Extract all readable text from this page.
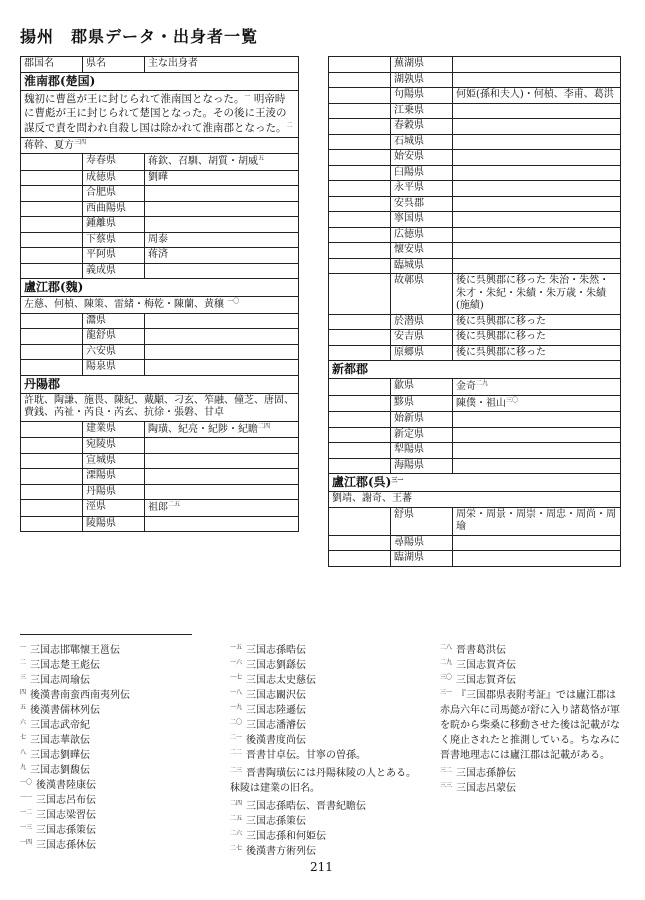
揚州　郡県データ・出身者一覧
郡国名	県名	主な出身者
淮南郡(楚国)		
魏初に曹邕が王に封じられて淮南国となった。$^一$ 明帝時に曹彪が王に封じられて楚国となった。その後に王淩の謀反で責を問われ自殺し国は除かれて淮南郡となった。$^二$
蒋幹、夏方$^{三四}$
	寿春県	蒋欽、召馴、胡質・胡威$^五$
	成徳県	劉曄
	合肥県	
	西曲陽県	
	鍾離県	
	下蔡県	周泰
	平阿県	蒋済
	義成県	
盧江郡(魏)		
左慈、何楨、陳策、雷緒・梅乾・陳蘭、黄穰 $^{一〇}$
	灊県	
	龍舒県	
	六安県	
	陽泉県	
丹陽郡		
許耽、陶謙、施畏、陳紀、戴顒、刁玄、笮融、僮芝、唐固、費銭、芮祉・芮良・芮玄、抗徐・張磐、甘卓		
	建業県	陶璜、紀亮・紀陟・紀瞻$^{二四}$
	宛陵県	
	宣城県	
	溧陽県	
	丹陽県	
	涇県	祖郎$^{二五}$
	陵陽県	
	蕪湖県	
	湖孰県	
	句陽県	何姫(孫和夫人)・何楨、李甫、葛洪
	江乗県	
	春穀県	
	石城県	
	始安県	
	臼陽県	
	永平県	
	安呉郡	
	寧国県	
	広徳県	
	懐安県	
	臨城県	
	故鄣県	後に呉興郡に移った 朱治・朱然・朱才・朱紀・朱績・朱万歳・朱績(施績)
	於潜県	後に呉興郡に移った
	安吉県	後に呉興郡に移った
	原郷県	後に呉興郡に移った
新都郡		
	歙県	金奇$^{二九}$
	黟県	陳僕・祖山$^{三〇}$
	始新県	
	新定県	
	犁陽県	
	海陽県	
盧江郡(呉)$^{三一}$
劉靖、謝奇、王蕃		
	舒県	周栄・周景・周崇・周忠・周尚・周瑜
	尋陽県	
	臨湖県	
$^一$ 三国志邯鄲懐王邕伝
$^二$ 三国志楚王彪伝
$^三$ 三国志周瑜伝
$^四$ 後漢書南蛮西南夷列伝
$^五$ 後漢書儒林列伝
$^六$ 三国志武帝紀
$^七$ 三国志華歆伝
$^八$ 三国志劉曄伝
$^九$ 三国志劉馥伝
$^{一〇}$ 後漢書陸康伝
$^{一一}$ 三国志呂布伝
$^{一二}$ 三国志梁習伝
$^{一三}$ 三国志孫策伝
$^{一四}$ 三国志孫休伝
$^{一五}$ 三国志孫晧伝
$^{一六}$ 三国志劉繇伝
$^{一七}$ 三国志太史慈伝
$^{一八}$ 三国志闞沢伝
$^{一九}$ 三国志陸遜伝
$^{二〇}$ 三国志潘濬伝
$^{二一}$ 後漢書度尚伝
$^{二二}$ 晋書甘卓伝。甘寧の曽孫。
$^{二三}$ 晋書陶璜伝には丹陽秣陵の人とある。秣陵は建業の旧名。
$^{二四}$ 三国志孫晧伝、晋書紀瞻伝
$^{二五}$ 三国志孫策伝
$^{二六}$ 三国志孫和何姫伝
$^{二七}$ 後漢書方術列伝
$^{二八}$ 晋書葛洪伝
$^{二九}$ 三国志賀斉伝
$^{三〇}$ 三国志賀斉伝
$^{三一}$ 『三国郡県表附考証』では廬江郡は赤烏六年に司馬懿が舒に入り諸葛恪が軍を睆から柴桑に移動させた後は記載がなく廃止されたと推測している。ちなみに晋書地理志には廬江郡は記載がある。
$^{三二}$ 三国志孫静伝
$^{三三}$ 三国志呂蒙伝
211
